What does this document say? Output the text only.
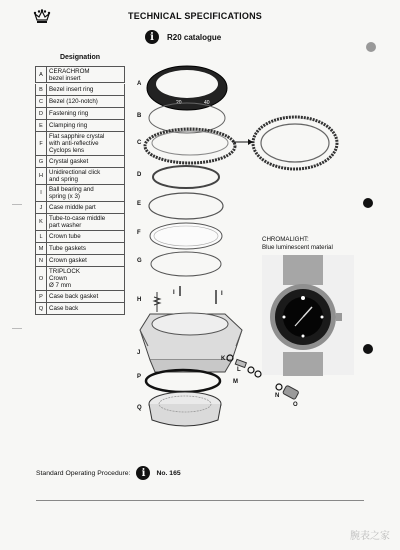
TECHNICAL SPECIFICATIONS
i	R20 catalogue
Designation
A CERACHROM
bezel insert
B Bezel insert ring
C Bezel (120-notch)
D Fastening ring
E Clamping ring
F
Flat sapphire crystal
with anti-reflective
Cyclops lens
G Crystal gasket
H Unidirectional click
and spring
I	Ball bearing and
spring (x 3)
J	Case middle part
K Tube-to-case middle
part washer
L	Crown tube
M Tube gaskets
N Crown gasket
O
TRIPLOCK
Crown
Ø 7 mm
P Case back gasket
Q Case back
20	40
A
B
C
D
E
F
G
H
I	I
J
K
L
M
N
O
P
Q
CHROMALIGHT:
Blue luminescent material
Standard Operating Procedure:	i	No. 165
腕表之家
